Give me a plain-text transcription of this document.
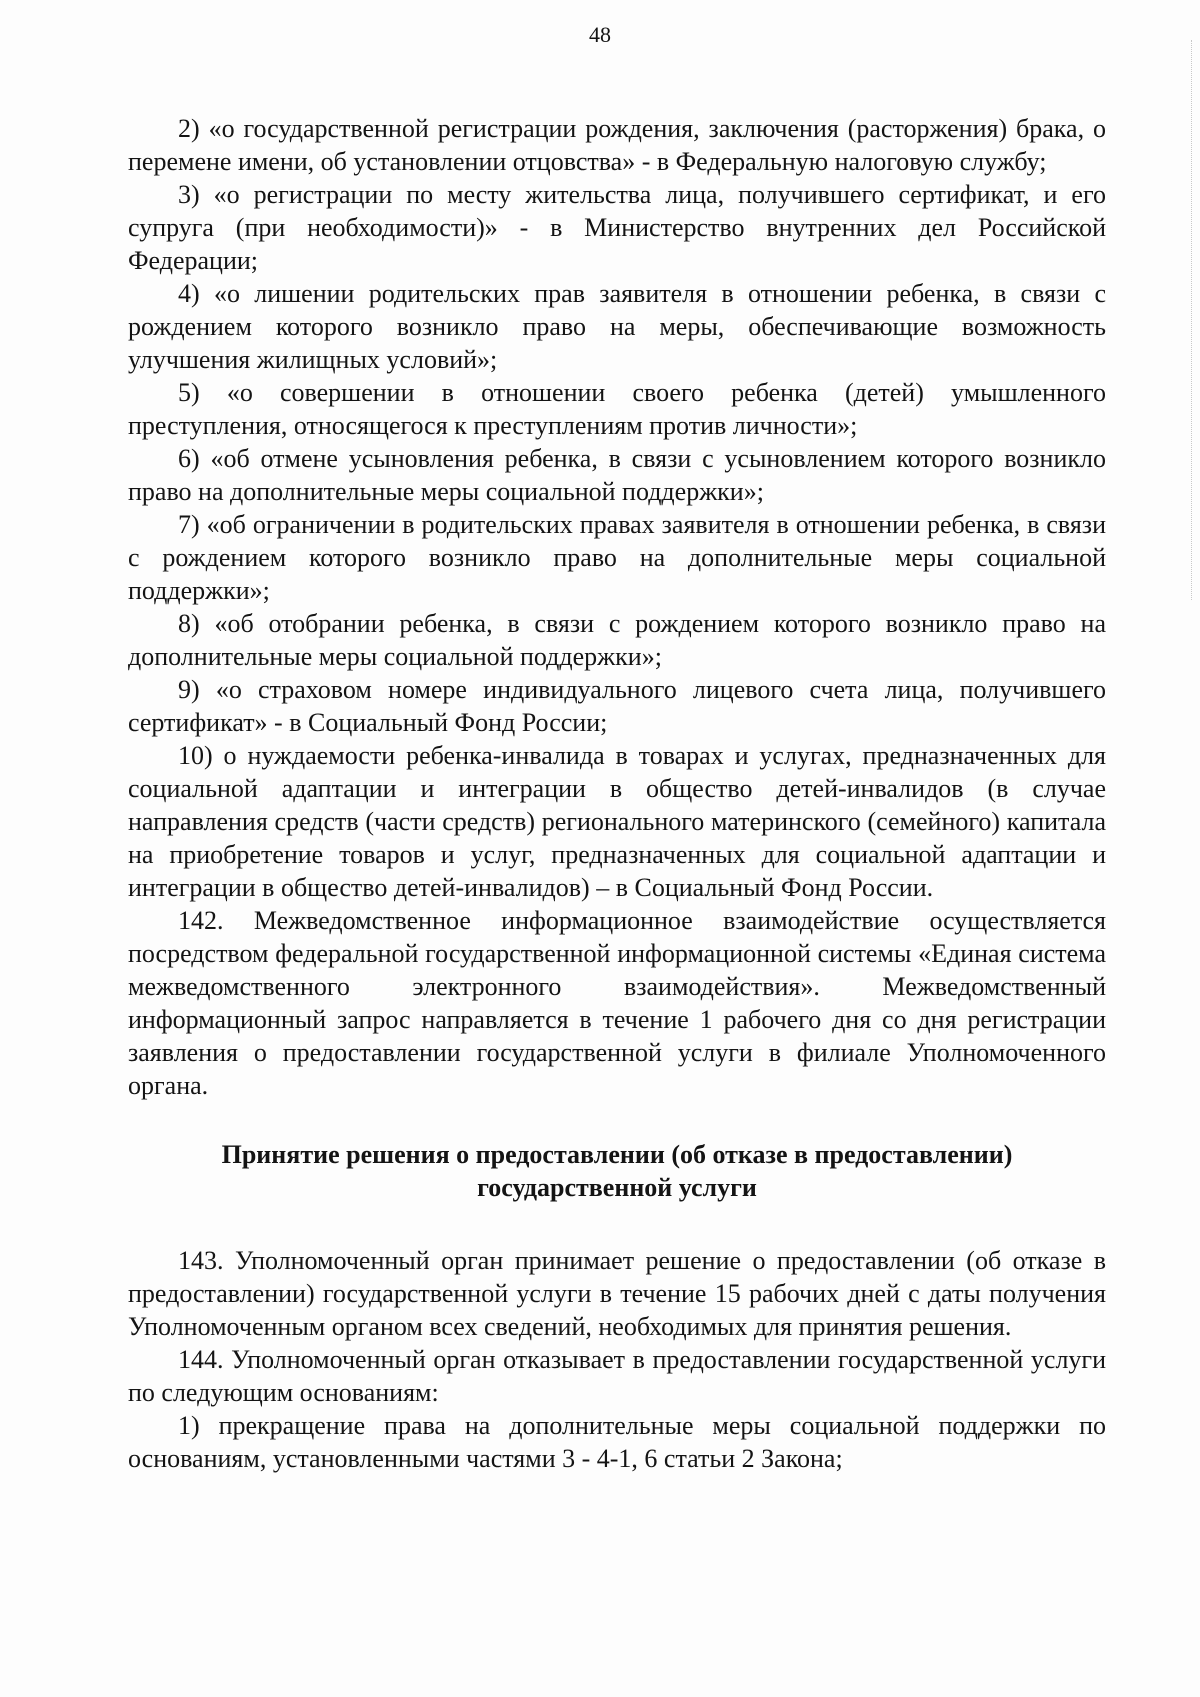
48

2) «о государственной регистрации рождения, заключения (расторжения) брака, о перемене имени, об установлении отцовства» - в Федеральную налоговую службу;

3) «о регистрации по месту жительства лица, получившего сертификат, и его супруга (при необходимости)» - в Министерство внутренних дел Российской Федерации;

4) «о лишении родительских прав заявителя в отношении ребенка, в связи с рождением которого возникло право на меры, обеспечивающие возможность улучшения жилищных условий»;

5) «о совершении в отношении своего ребенка (детей) умышленного преступления, относящегося к преступлениям против личности»;

6) «об отмене усыновления ребенка, в связи с усыновлением которого возникло право на дополнительные меры социальной поддержки»;

7) «об ограничении в родительских правах заявителя в отношении ребенка, в связи с рождением которого возникло право на дополнительные меры социальной поддержки»;

8) «об отобрании ребенка, в связи с рождением которого возникло право на дополнительные меры социальной поддержки»;

9) «о страховом номере индивидуального лицевого счета лица, получившего сертификат» - в Социальный Фонд России;

10) о нуждаемости ребенка-инвалида в товарах и услугах, предназначенных для социальной адаптации и интеграции в общество детей-инвалидов (в случае направления средств (части средств) регионального материнского (семейного) капитала на приобретение товаров и услуг, предназначенных для социальной адаптации и интеграции в общество детей-инвалидов) – в Социальный Фонд России.

142. Межведомственное информационное взаимодействие осуществляется посредством федеральной государственной информационной системы «Единая система межведомственного электронного взаимодействия». Межведомственный информационный запрос направляется в течение 1 рабочего дня со дня регистрации заявления о предоставлении государственной услуги в филиале Уполномоченного органа.

Принятие решения о предоставлении (об отказе в предоставлении) государственной услуги

143. Уполномоченный орган принимает решение о предоставлении (об отказе в предоставлении) государственной услуги в течение 15 рабочих дней с даты получения Уполномоченным органом всех сведений, необходимых для принятия решения.

144. Уполномоченный орган отказывает в предоставлении государственной услуги по следующим основаниям:

1) прекращение права на дополнительные меры социальной поддержки по основаниям, установленными частями 3 - 4-1, 6 статьи 2 Закона;
